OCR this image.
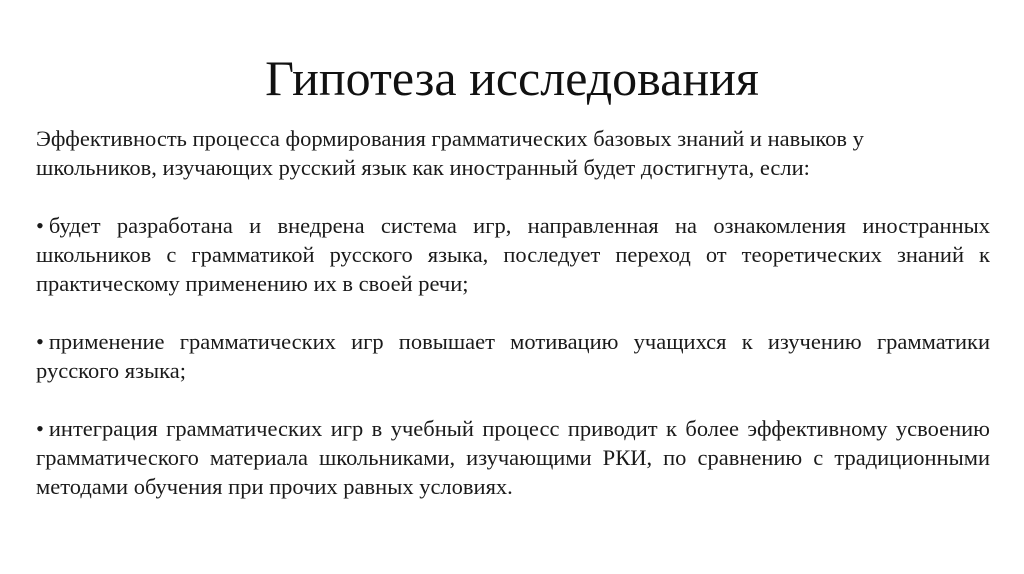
Гипотеза исследования

Эффективность процесса формирования грамматических базовых знаний и навыков у школьников, изучающих русский язык как иностранный будет достигнута, если:

• будет разработана и внедрена система игр, направленная на ознакомления иностранных школьников с грамматикой русского языка, последует переход от теоретических знаний к практическому применению их в своей речи;
• применение грамматических игр повышает мотивацию учащихся к изучению грамматики русского языка;
• интеграция грамматических игр в учебный процесс приводит к более эффективному усвоению грамматического материала школьниками, изучающими РКИ, по сравнению с традиционными методами обучения при прочих равных условиях.
